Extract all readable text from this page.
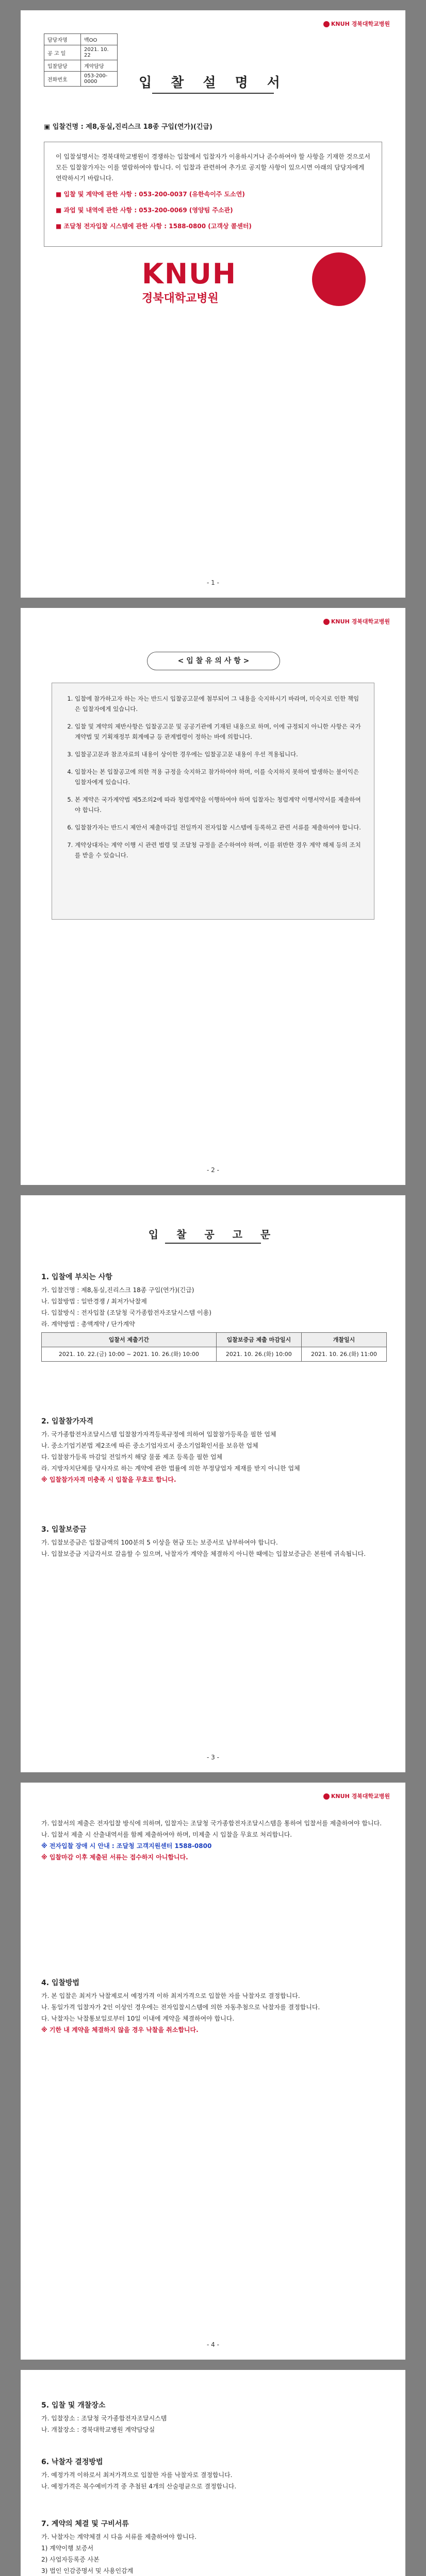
KNUH 경북대학교병원
담당자명	백OO
공 고 일	2021. 10. 22
입찰담당	계약담당
전화번호	053-200-0000	입 찰 설 명 서
▣ 입찰건명 : 제8,동실,진리스크 18종 구입(연가)(긴급)

이 입찰설명서는 경북대학교병원이 경쟁하는 입찰에서 입찰자가 이용하시거나 준수하여야 할 사항을 기재한 것으로서 모든 입찰참가자는 이를 열람하여야 합니다. 이 입찰과 관련하여 추가로 공지할 사항이 있으시면 아래의 담당자에게 연락하시기 바랍니다.

■ 입찰 및 계약에 관한 사항 : 053-200-0037 (유한속이주 도소연)

■ 과업 및 내역에 관한 사항 : 053-200-0069 (영양팀 주소관)

■ 조달청 전자입찰 시스템에 관한 사항 : 1588-0800 (고객상 콜센터)

KNUH
경북대학교병원
- 1 -
KNUH 경북대학교병원
< 입 찰 유 의 사 항 >
1. 입찰에 참가하고자 하는 자는 반드시 입찰공고문에 첨부되어 그 내용을 숙지하시기 바라며, 미숙지로 인한 책임은 입찰자에게 있습니다.
2. 입찰 및 계약의 제반사항은 입찰공고문 및 공공기관에 기재된 내용으로 하며, 이에 규정되지 아니한 사항은 국가계약법 및 기획재정부 회계예규 등 관계법령이 정하는 바에 의합니다.
3. 입찰공고문과 참조자료의 내용이 상이한 경우에는 입찰공고문 내용이 우선 적용됩니다.
4. 입찰자는 본 입찰공고에 의한 적용 규정을 숙지하고 참가하여야 하며, 이를 숙지하지 못하여 발생하는 불이익은 입찰자에게 있습니다.
5. 본 계약은 국가계약법 제5조의2에 따라 청렴계약을 이행하여야 하며 입찰자는 청렴계약 이행서약서를 제출하여야 합니다.
6. 입찰참가자는 반드시 제안서 제출마감일 전일까지 전자입찰 시스템에 등록하고 관련 서류를 제출하여야 합니다.
7. 계약상대자는 계약 이행 시 관련 법령 및 조달청 규정을 준수하여야 하며, 이를 위반한 경우 계약 해제 등의 조치를 받을 수 있습니다.
- 2 -
입 찰 공 고 문
1. 입찰에 부치는 사항

가. 입찰건명 : 제8,동실,진리스크 18종 구입(연가)(긴급)

나. 입찰방법 : 일반경쟁 / 최저가낙찰제

다. 입찰방식 : 전자입찰 (조달청 국가종합전자조달시스템 이용)

라. 계약방법 : 총액계약 / 단가계약

입찰서 제출기간	입찰보증금 제출 마감일시	개찰일시
2021. 10. 22.(금) 10:00 ~ 2021. 10. 26.(화) 10:00	2021. 10. 26.(화) 10:00	2021. 10. 26.(화) 11:00
2. 입찰참가자격

가. 국가종합전자조달시스템 입찰참가자격등록규정에 의하여 입찰참가등록을 필한 업체

나. 중소기업기본법 제2조에 따른 중소기업자로서 중소기업확인서를 보유한 업체

다. 입찰참가등록 마감일 전일까지 해당 물품 제조 등록을 필한 업체

라. 지방자치단체를 당사자로 하는 계약에 관한 법률에 의한 부정당업자 제재를 받지 아니한 업체

※ 입찰참가자격 미충족 시 입찰을 무효로 합니다.

3. 입찰보증금

가. 입찰보증금은 입찰금액의 100분의 5 이상을 현금 또는 보증서로 납부하여야 합니다.

나. 입찰보증금 지급각서로 갈음할 수 있으며, 낙찰자가 계약을 체결하지 아니한 때에는 입찰보증금은 본원에 귀속됩니다.

- 3 -
KNUH 경북대학교병원

가. 입찰서의 제출은 전자입찰 방식에 의하며, 입찰자는 조달청 국가종합전자조달시스템을 통하여 입찰서를 제출하여야 합니다.

나. 입찰서 제출 시 산출내역서를 함께 제출하여야 하며, 미제출 시 입찰을 무효로 처리합니다.

※ 전자입찰 장애 시 안내 : 조달청 고객지원센터 1588-0800

※ 입찰마감 이후 제출된 서류는 접수하지 아니합니다.

4. 입찰방법

가. 본 입찰은 최저가 낙찰제로서 예정가격 이하 최저가격으로 입찰한 자를 낙찰자로 결정합니다.

나. 동일가격 입찰자가 2인 이상인 경우에는 전자입찰시스템에 의한 자동추첨으로 낙찰자를 결정합니다.

다. 낙찰자는 낙찰통보일로부터 10일 이내에 계약을 체결하여야 합니다.

※ 기한 내 계약을 체결하지 않을 경우 낙찰을 취소합니다.

- 4 -
5. 입찰 및 개찰장소

가. 입찰장소 : 조달청 국가종합전자조달시스템

나. 개찰장소 : 경북대학교병원 계약담당실

6. 낙찰자 결정방법

가. 예정가격 이하로서 최저가격으로 입찰한 자를 낙찰자로 결정합니다.

나. 예정가격은 복수예비가격 중 추첨된 4개의 산술평균으로 결정합니다.

7. 계약의 체결 및 구비서류

가. 낙찰자는 계약체결 시 다음 서류를 제출하여야 합니다.

1) 계약이행 보증서

2) 사업자등록증 사본

3) 법인 인감증명서 및 사용인감계
